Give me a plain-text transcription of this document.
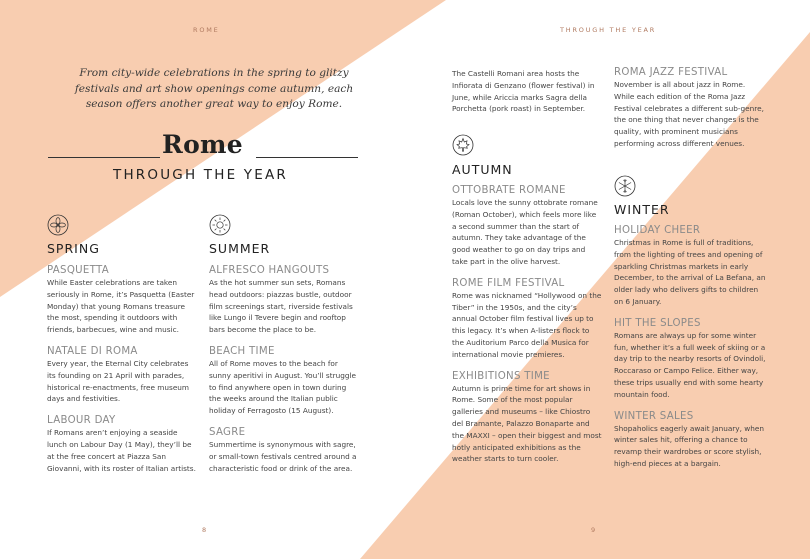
ROME	THROUGH THE YEAR
From city-wide celebrations in the spring to glitzy festivals and art show openings come autumn, each season offers another great way to enjoy Rome.
Rome
THROUGH THE YEAR
SPRING
PASQUETTA
While Easter celebrations are taken seriously in Rome, it’s Pasquetta (Easter Monday) that young Romans treasure the most, spending it outdoors with friends, barbecues, wine and music.
NATALE DI ROMA
Every year, the Eternal City celebrates its founding on 21 April with parades, historical re-enactments, free museum days and festivities.
LABOUR DAY
If Romans aren’t enjoying a seaside lunch on Labour Day (1 May), they’ll be at the free concert at Piazza San Giovanni, with its roster of Italian artists.
SUMMER
ALFRESCO HANGOUTS
As the hot summer sun sets, Romans head outdoors: piazzas bustle, outdoor film screenings start, riverside festivals like Lungo il Tevere begin and rooftop bars become the place to be.
BEACH TIME
All of Rome moves to the beach for sunny aperitivi in August. You’ll struggle to find anywhere open in town during the weeks around the Italian public holiday of Ferragosto (15 August).
SAGRE
Summertime is synonymous with sagre, or small-town festivals centred around a characteristic food or drink of the area.
The Castelli Romani area hosts the Infiorata di Genzano (flower festival) in June, while Ariccia marks Sagra della Porchetta (pork roast) in September.
AUTUMN
OTTOBRATE ROMANE
Locals love the sunny ottobrate romane (Roman October), which feels more like a second summer than the start of autumn. They take advantage of the good weather to go on day trips and take part in the olive harvest.
ROME FILM FESTIVAL
Rome was nicknamed “Hollywood on the Tiber” in the 1950s, and the city’s annual October film festival lives up to this legacy. It’s when A-listers flock to the Auditorium Parco della Musica for international movie premieres.
EXHIBITIONS TIME
Autumn is prime time for art shows in Rome. Some of the most popular galleries and museums – like Chiostro del Bramante, Palazzo Bonaparte and the MAXXI – open their biggest and most hotly anticipated exhibitions as the weather starts to turn cooler.
ROMA JAZZ FESTIVAL
November is all about jazz in Rome. While each edition of the Roma Jazz Festival celebrates a different sub-genre, the one thing that never changes is the quality, with prominent musicians performing across different venues.
WINTER
HOLIDAY CHEER
Christmas in Rome is full of traditions, from the lighting of trees and opening of sparkling Christmas markets in early December, to the arrival of La Befana, an older lady who delivers gifts to children on 6 January.
HIT THE SLOPES
Romans are always up for some winter fun, whether it’s a full week of skiing or a day trip to the nearby resorts of Ovindoli, Roccaraso or Campo Felice. Either way, these trips usually end with some hearty mountain food.
WINTER SALES
Shopaholics eagerly await January, when winter sales hit, offering a chance to revamp their wardrobes or score stylish, high-end pieces at a bargain.
8	9
